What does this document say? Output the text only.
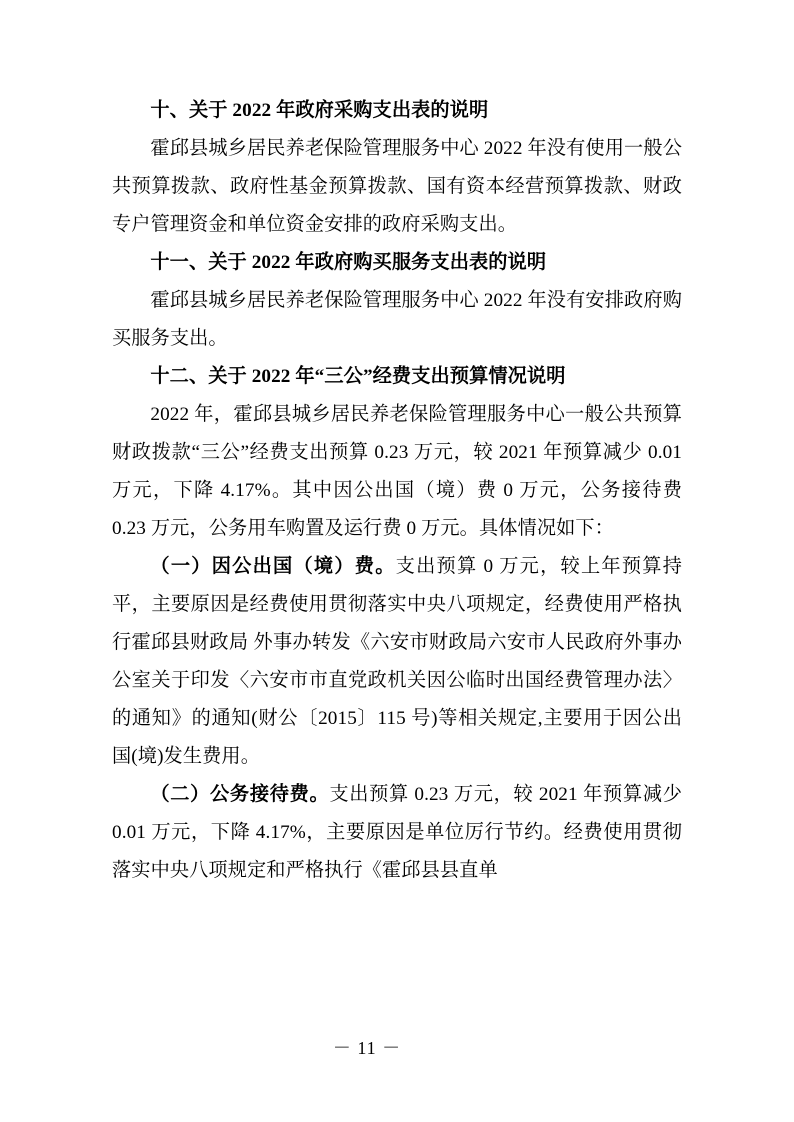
十、关于 2022 年政府采购支出表的说明

霍邱县城乡居民养老保险管理服务中心 2022 年没有使用一般公共预算拨款、政府性基金预算拨款、国有资本经营预算拨款、财政专户管理资金和单位资金安排的政府采购支出。

十一、关于 2022 年政府购买服务支出表的说明

霍邱县城乡居民养老保险管理服务中心 2022 年没有安排政府购买服务支出。

十二、关于 2022 年“三公”经费支出预算情况说明

2022 年，霍邱县城乡居民养老保险管理服务中心一般公共预算财政拨款“三公”经费支出预算 0.23 万元，较 2021 年预算减少 0.01 万元，下降 4.17%。其中因公出国（境）费 0 万元，公务接待费 0.23 万元，公务用车购置及运行费 0 万元。具体情况如下：

（一）因公出国（境）费。支出预算 0 万元，较上年预算持平，主要原因是经费使用贯彻落实中央八项规定，经费使用严格执行霍邱县财政局 外事办转发《六安市财政局六安市人民政府外事办公室关于印发〈六安市市直党政机关因公临时出国经费管理办法〉的通知》的通知(财公〔2015〕115 号)等相关规定,主要用于因公出国(境)发生费用。

（二）公务接待费。支出预算 0.23 万元，较 2021 年预算减少 0.01 万元，下降 4.17%，主要原因是单位厉行节约。经费使用贯彻落实中央八项规定和严格执行《霍邱县县直单

－ 11 －
